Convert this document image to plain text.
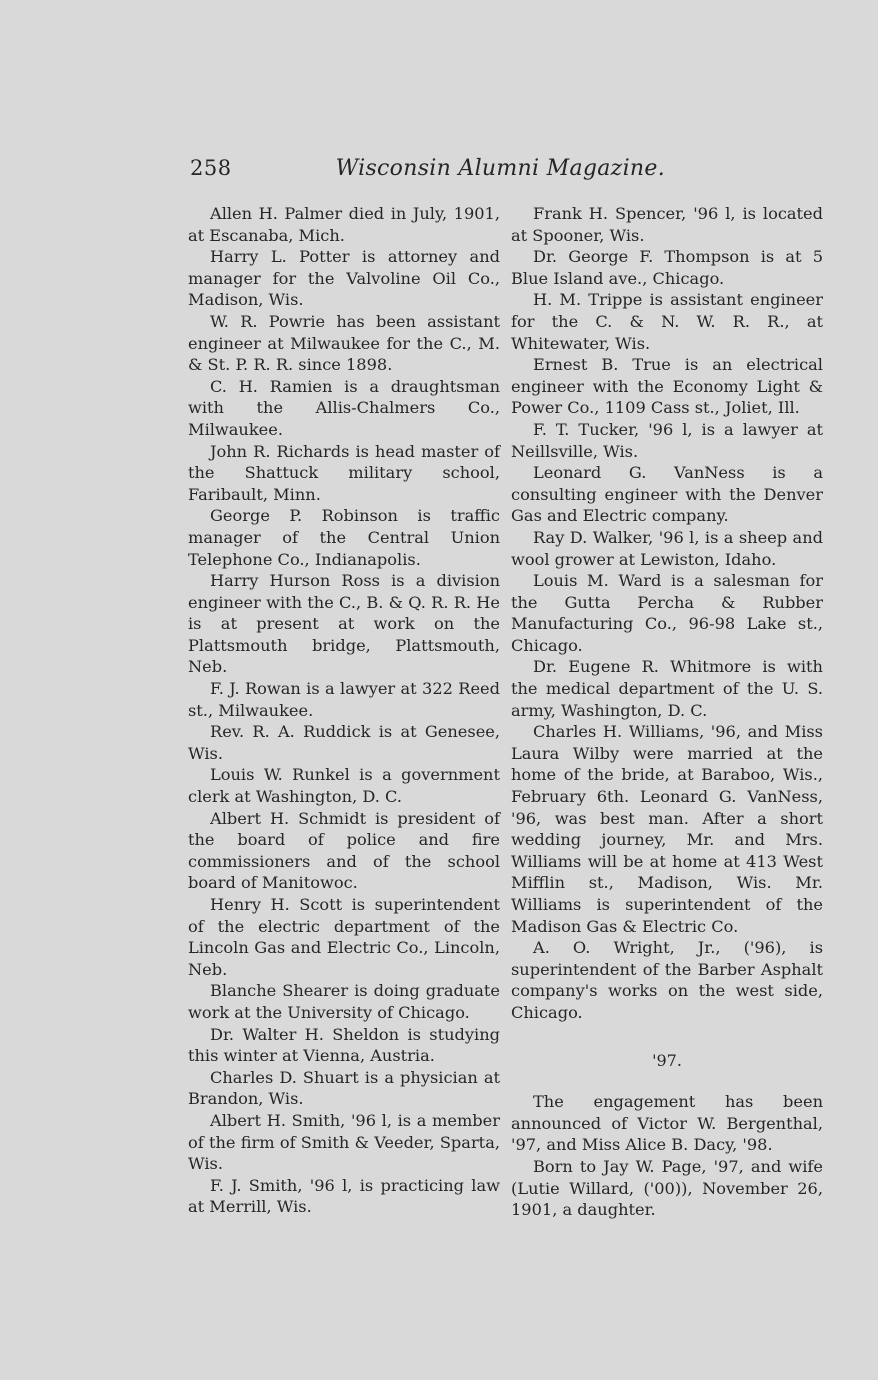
258	Wisconsin Alumni Magazine.

Allen H. Palmer died in July, 1901, at Escanaba, Mich.

Harry L. Potter is attorney and manager for the Valvoline Oil Co., Madison, Wis.

W. R. Powrie has been assistant engineer at Milwaukee for the C., M. & St. P. R. R. since 1898.

C. H. Ramien is a draughtsman with the Allis-Chalmers Co., Milwaukee.

John R. Richards is head master of the Shattuck military school, Faribault, Minn.

George P. Robinson is traffic manager of the Central Union Telephone Co., Indianapolis.

Harry Hurson Ross is a division engineer with the C., B. & Q. R. R. He is at present at work on the Plattsmouth bridge, Plattsmouth, Neb.

F. J. Rowan is a lawyer at 322 Reed st., Milwaukee.

Rev. R. A. Ruddick is at Genesee, Wis.

Louis W. Runkel is a government clerk at Washington, D. C.

Albert H. Schmidt is president of the board of police and fire commissioners and of the school board of Manitowoc.

Henry H. Scott is superintendent of the electric department of the Lincoln Gas and Electric Co., Lincoln, Neb.

Blanche Shearer is doing graduate work at the University of Chicago.

Dr. Walter H. Sheldon is studying this winter at Vienna, Austria.

Charles D. Shuart is a physician at Brandon, Wis.

Albert H. Smith, '96 l, is a member of the firm of Smith & Veeder, Sparta, Wis.

F. J. Smith, '96 l, is practicing law at Merrill, Wis.

Frank H. Spencer, '96 l, is located at Spooner, Wis.

Dr. George F. Thompson is at 5 Blue Island ave., Chicago.

H. M. Trippe is assistant engineer for the C. & N. W. R. R., at Whitewater, Wis.

Ernest B. True is an electrical engineer with the Economy Light & Power Co., 1109 Cass st., Joliet, Ill.

F. T. Tucker, '96 l, is a lawyer at Neillsville, Wis.

Leonard G. VanNess is a consulting engineer with the Denver Gas and Electric company.

Ray D. Walker, '96 l, is a sheep and wool grower at Lewiston, Idaho.

Louis M. Ward is a salesman for the Gutta Percha & Rubber Manufacturing Co., 96-98 Lake st., Chicago.

Dr. Eugene R. Whitmore is with the medical department of the U. S. army, Washington, D. C.

Charles H. Williams, '96, and Miss Laura Wilby were married at the home of the bride, at Baraboo, Wis., February 6th. Leonard G. VanNess, '96, was best man. After a short wedding journey, Mr. and Mrs. Williams will be at home at 413 West Mifflin st., Madison, Wis. Mr. Williams is superintendent of the Madison Gas & Electric Co.

A. O. Wright, Jr., ('96), is superintendent of the Barber Asphalt company's works on the west side, Chicago.

'97.

The engagement has been announced of Victor W. Bergenthal, '97, and Miss Alice B. Dacy, '98.

Born to Jay W. Page, '97, and wife (Lutie Willard, ('00)), November 26, 1901, a daughter.
